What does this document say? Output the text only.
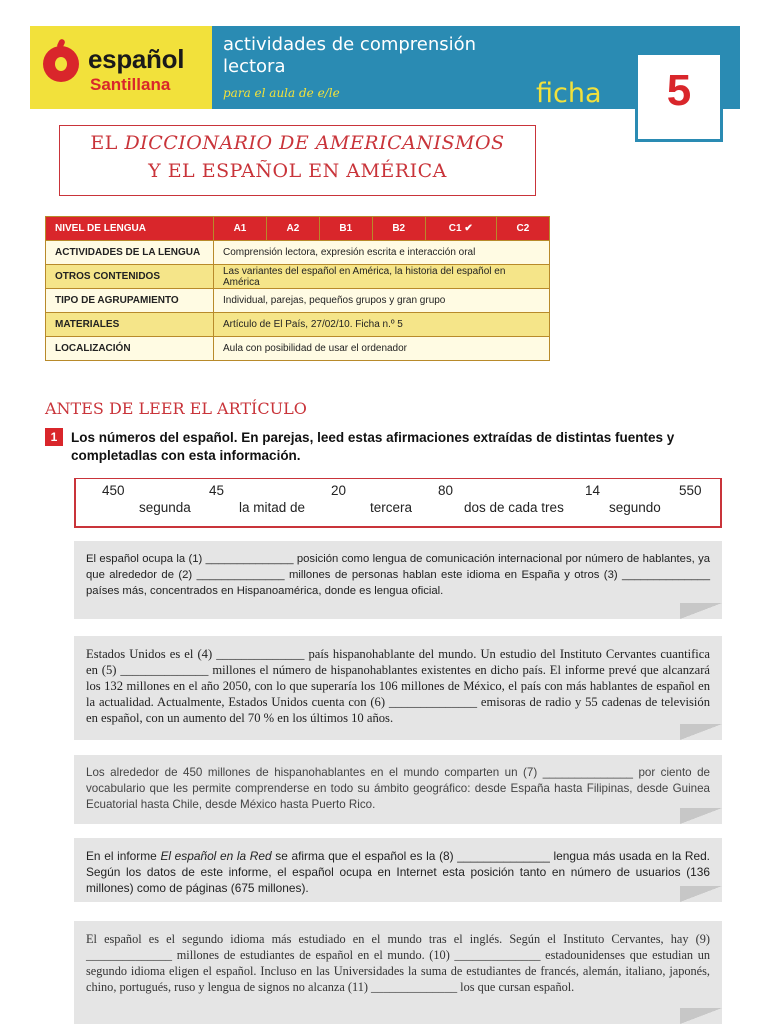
español
Santillana
actividades de comprensión lectora
para el aula de e/le	ficha	5
EL DICCIONARIO DE AMERICANISMOS
Y EL ESPAÑOL EN AMÉRICA
NIVEL DE LENGUA	A1	A2	B1	B2	C1 ✔	C2
ACTIVIDADES DE LA LENGUA	Comprensión lectora, expresión escrita e interacción oral					
OTROS CONTENIDOS	Las variantes del español en América, la historia del español en América					
TIPO DE AGRUPAMIENTO	Individual, parejas, pequeños grupos y gran grupo					
MATERIALES	Artículo de El País, 27/02/10. Ficha n.º 5					
LOCALIZACIÓN	Aula con posibilidad de usar el ordenador					
ANTES DE LEER EL ARTÍCULO
1	Los números del español. En parejas, leed estas afirmaciones extraídas de distintas fuentes y completadlas con esta información.
450	45	20	80	14	550
segunda	la mitad de	tercera	dos de cada tres	segundo
El español ocupa la (1) ______________ posición como lengua de comunicación internacional por número de hablantes, ya que alrededor de (2) ______________ millones de personas hablan este idioma en España y otros (3) ______________ países más, concentrados en Hispanoamérica, donde es lengua oficial.
Estados Unidos es el (4) ______________ país hispanohablante del mundo. Un estudio del Instituto Cervantes cuantifica en (5) ______________ millones el número de hispanohablantes existentes en dicho país. El informe prevé que alcanzará los 132 millones en el año 2050, con lo que superaría los 106 millones de México, el país con más hablantes de español en la actualidad. Actualmente, Estados Unidos cuenta con (6) ______________ emisoras de radio y 55 cadenas de televisión en español, con un aumento del 70 % en los últimos 10 años.
Los alrededor de 450 millones de hispanohablantes en el mundo comparten un (7) ______________ por ciento de vocabulario que les permite comprenderse en todo su ámbito geográfico: desde España hasta Filipinas, desde Guinea Ecuatorial hasta Chile, desde México hasta Puerto Rico.
En el informe El español en la Red se afirma que el español es la (8) ______________ lengua más usada en la Red. Según los datos de este informe, el español ocupa en Internet esta posición tanto en número de usuarios (136 millones) como de páginas (675 millones).
El español es el segundo idioma más estudiado en el mundo tras el inglés. Según el Instituto Cervantes, hay (9) ______________ millones de estudiantes de español en el mundo. (10) ______________ estadounidenses que estudian un segundo idioma eligen el español. Incluso en las Universidades la suma de estudiantes de francés, alemán, italiano, japonés, chino, portugués, ruso y lengua de signos no alcanza (11) ______________ los que cursan español.
